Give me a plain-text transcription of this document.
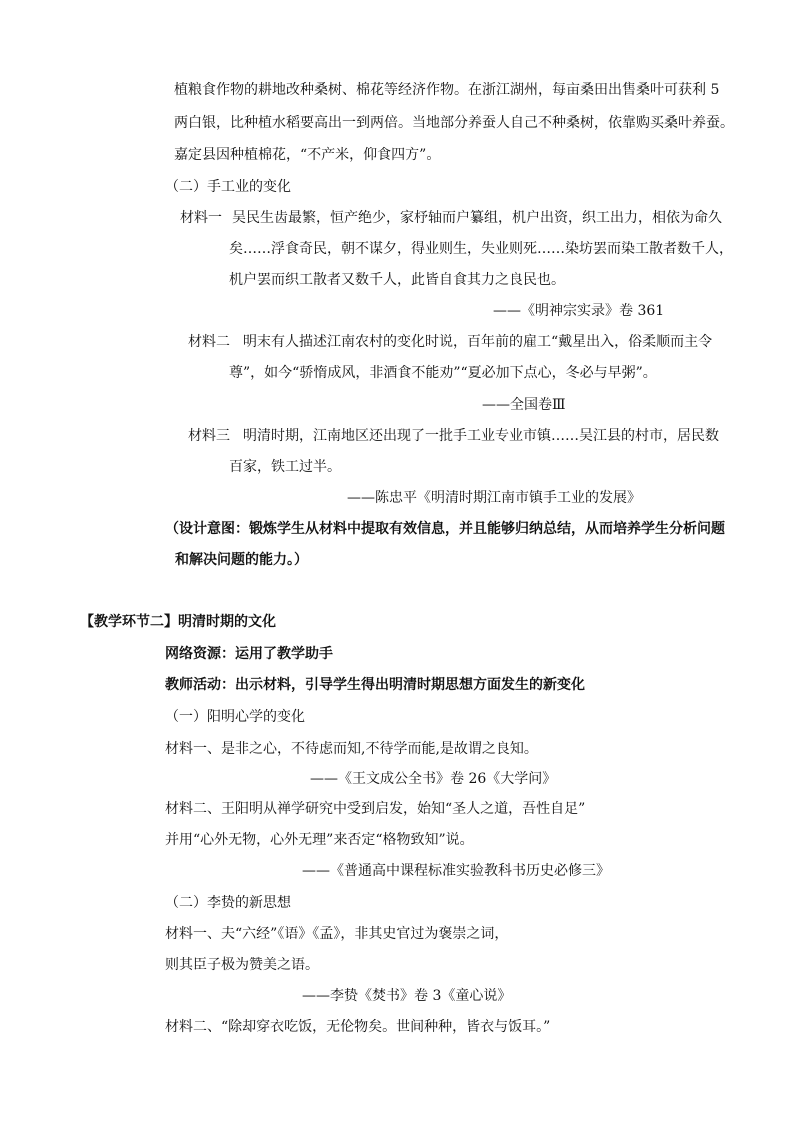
植粮食作物的耕地改种桑树、棉花等经济作物。在浙江湖州，每亩桑田出售桑叶可获利 5
两白银，比种植水稻要高出一到两倍。当地部分养蚕人自己不种桑树，依靠购买桑叶养蚕。
嘉定县因种植棉花，“不产米，仰食四方”。
（二）手工业的变化
材料一 吴民生齿最繁，恒产绝少，家杼轴而户纂组，机户出资，织工出力，相依为命久
矣……浮食奇民，朝不谋夕，得业则生，失业则死……染坊罢而染工散者数千人，
机户罢而织工散者又数千人，此皆自食其力之良民也。
——《明神宗实录》卷 361
材料二 明末有人描述江南农村的变化时说，百年前的雇工“戴星出入，俗柔顺而主令
尊”，如今“骄惰成风，非酒食不能劝”“夏必加下点心，冬必与早粥”。
——全国卷Ⅲ
材料三 明清时期，江南地区还出现了一批手工业专业市镇……吴江县的村市，居民数
百家，铁工过半。
——陈忠平《明清时期江南市镇手工业的发展》
（设计意图：锻炼学生从材料中提取有效信息，并且能够归纳总结，从而培养学生分析问题
和解决问题的能力。）
【教学环节二】明清时期的文化
网络资源：运用了教学助手
教师活动：出示材料，引导学生得出明清时期思想方面发生的新变化
（一）阳明心学的变化
材料一、是非之心，不待虑而知,不待学而能,是故谓之良知。
——《王文成公全书》卷 26《大学问》
材料二、王阳明从禅学研究中受到启发，始知“圣人之道，吾性自足”
并用“心外无物，心外无理”来否定“格物致知”说。
——《普通高中课程标准实验教科书历史必修三》
（二）李贽的新思想
材料一、夫“六经”《语》《孟》，非其史官过为褒崇之词，
则其臣子极为赞美之语。
——李贽《焚书》卷 3《童心说》
材料二、“除却穿衣吃饭，无伦物矣。世间种种，皆衣与饭耳。”
